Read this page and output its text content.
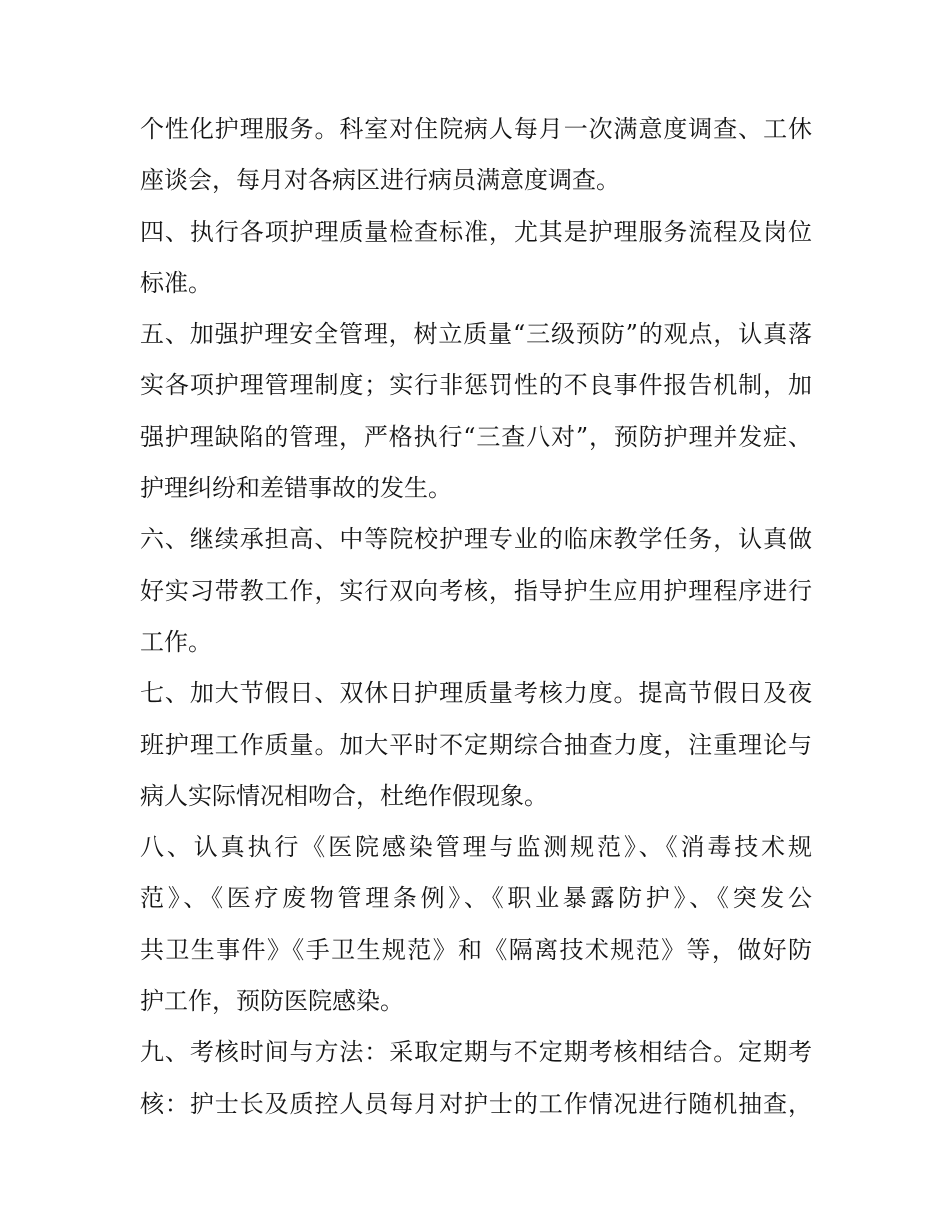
个性化护理服务。科室对住院病人每月一次满意度调查、工休
座谈会，每月对各病区进行病员满意度调查。
四、执行各项护理质量检查标准，尤其是护理服务流程及岗位
标准。
五、加强护理安全管理，树立质量“三级预防”的观点，认真落
实各项护理管理制度；实行非惩罚性的不良事件报告机制，加
强护理缺陷的管理，严格执行“三查八对”，预防护理并发症、
护理纠纷和差错事故的发生。
六、继续承担高、中等院校护理专业的临床教学任务，认真做
好实习带教工作，实行双向考核，指导护生应用护理程序进行
工作。
七、加大节假日、双休日护理质量考核力度。提高节假日及夜
班护理工作质量。加大平时不定期综合抽查力度，注重理论与
病人实际情况相吻合，杜绝作假现象。
八、认真执行《医院感染管理与监测规范》、《消毒技术规
范》、《医疗废物管理条例》、《职业暴露防护》、《突发公
共卫生事件》《手卫生规范》和《隔离技术规范》等，做好防
护工作，预防医院感染。
九、考核时间与方法：采取定期与不定期考核相结合。定期考
核：护士长及质控人员每月对护士的工作情况进行随机抽查，
